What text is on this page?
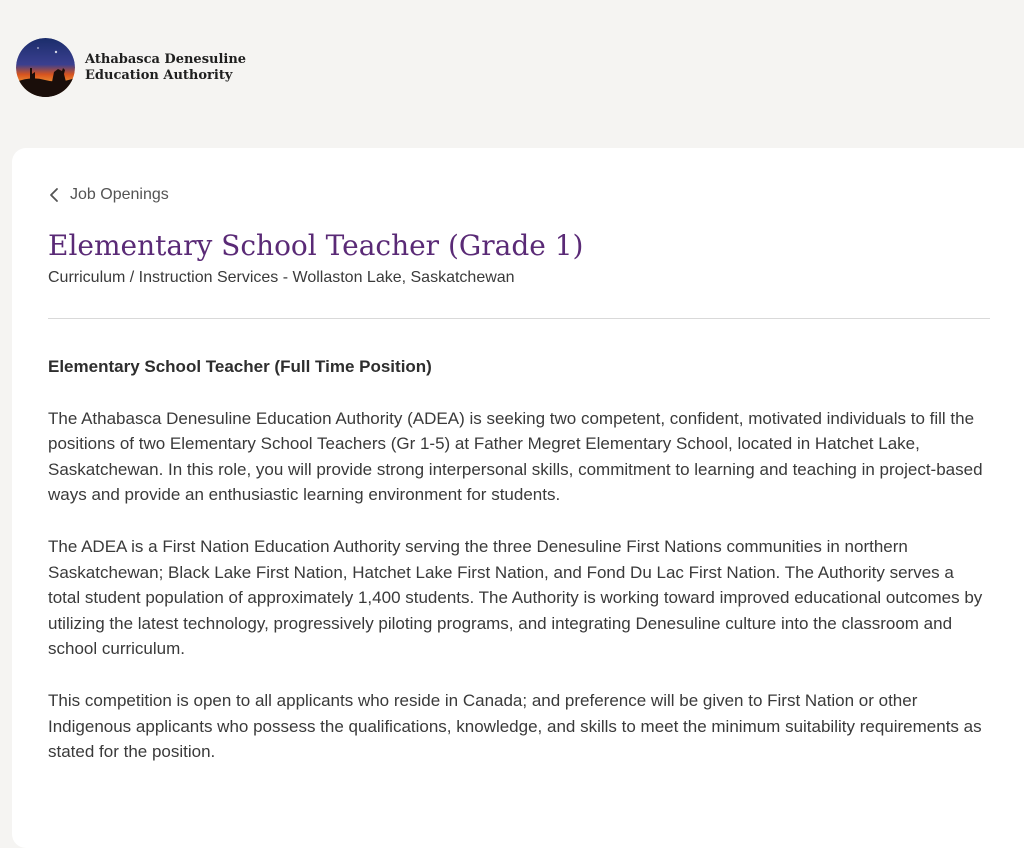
Athabasca Denesuline
Education Authority
Job Openings
Elementary School Teacher (Grade 1)
Curriculum / Instruction Services - Wollaston Lake, Saskatchewan

Elementary School Teacher (Full Time Position)

The Athabasca Denesuline Education Authority (ADEA) is seeking two competent, confident, motivated individuals to fill the positions of two Elementary School Teachers (Gr 1-5) at Father Megret Elementary School, located in Hatchet Lake, Saskatchewan. In this role, you will provide strong interpersonal skills, commitment to learning and teaching in project-based ways and provide an enthusiastic learning environment for students.

The ADEA is a First Nation Education Authority serving the three Denesuline First Nations communities in northern Saskatchewan; Black Lake First Nation, Hatchet Lake First Nation, and Fond Du Lac First Nation. The Authority serves a total student population of approximately 1,400 students. The Authority is working toward improved educational outcomes by utilizing the latest technology, progressively piloting programs, and integrating Denesuline culture into the classroom and school curriculum.

This competition is open to all applicants who reside in Canada; and preference will be given to First Nation or other Indigenous applicants who possess the qualifications, knowledge, and skills to meet the minimum suitability requirements as stated for the position.
